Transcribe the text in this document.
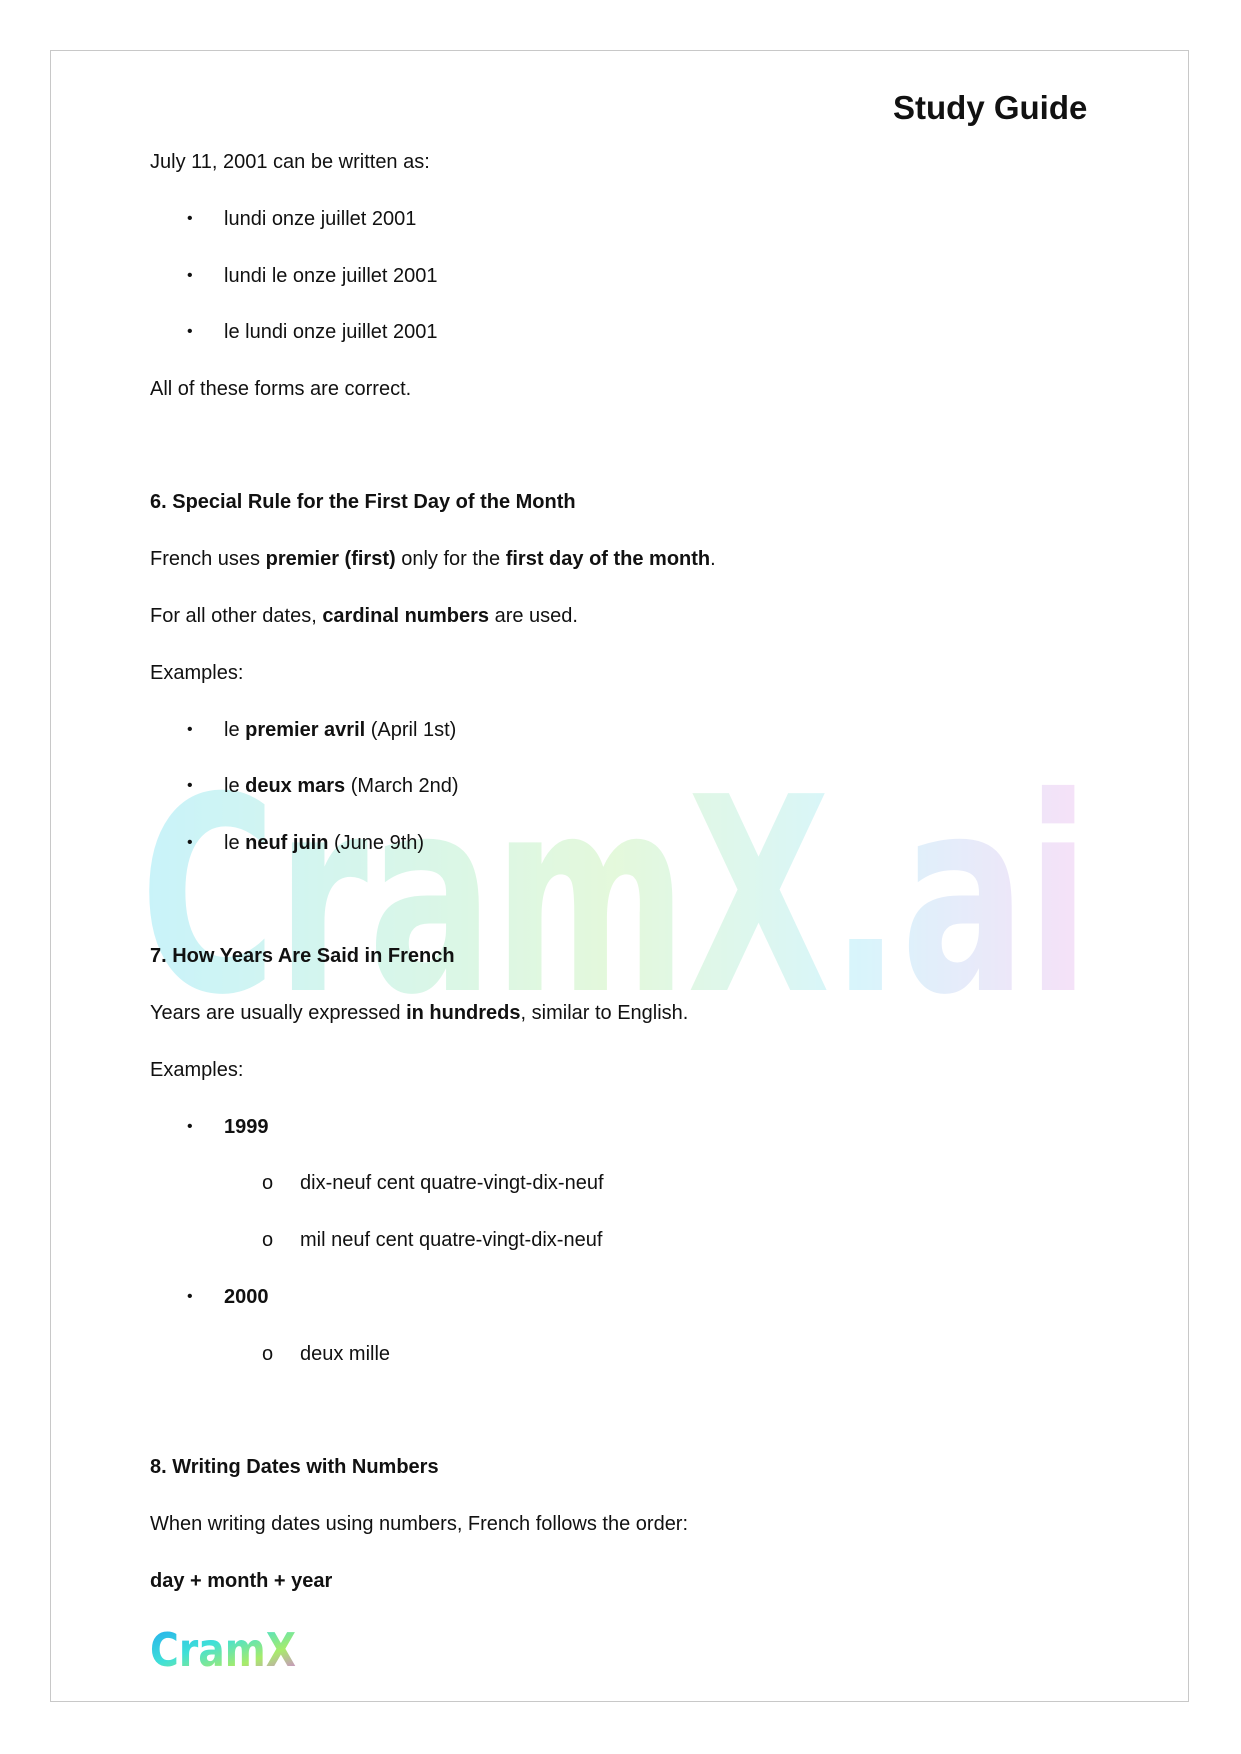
CramX.ai
Study Guide
July 11, 2001 can be written as:
• lundi onze juillet 2001
• lundi le onze juillet 2001
• le lundi onze juillet 2001
All of these forms are correct.
6. Special Rule for the First Day of the Month
French uses premier (first) only for the first day of the month.
For all other dates, cardinal numbers are used.
Examples:
• le premier avril (April 1st)
• le deux mars (March 2nd)
• le neuf juin (June 9th)
7. How Years Are Said in French
Years are usually expressed in hundreds, similar to English.
Examples:
• 1999
o dix-neuf cent quatre-vingt-dix-neuf
o mil neuf cent quatre-vingt-dix-neuf
• 2000
o deux mille
8. Writing Dates with Numbers
When writing dates using numbers, French follows the order:
day + month + year
CramX
